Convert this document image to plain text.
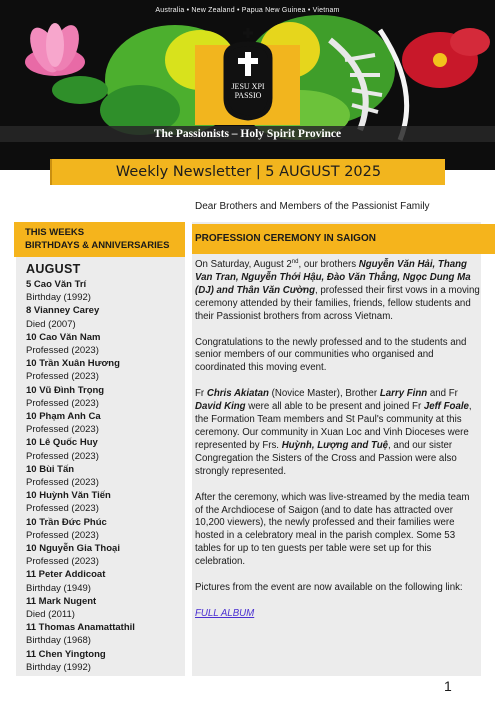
JESU XPI
PASSIO
Australia • New Zealand • Papua New Guinea • Vietnam
The Passionists – Holy Spirit Province
Weekly Newsletter | 5 AUGUST 2025
Dear Brothers and Members of the Passionist Family
THIS WEEKS
BIRTHDAYS & ANNIVERSARIES
AUGUST
5 Cao Văn Trí
Birthday (1992)
8 Vianney Carey
Died (2007)
10 Cao Văn Nam
Professed (2023)
10 Trần Xuân Hương
Professed (2023)
10 Vũ Đình Trọng
Professed (2023)
10 Phạm Anh Ca
Professed (2023)
10 Lê Quốc Huy
Professed (2023)
10 Bùi Tấn
Professed (2023)
10 Huỳnh Văn Tiến
Professed (2023)
10 Trần Đức Phúc
Professed (2023)
10 Nguyễn Gia Thoại
Professed (2023)
11 Peter Addicoat
Birthday (1949)
11 Mark Nugent
Died (2011)
11 Thomas Anamattathil
Birthday (1968)
11 Chen Yingtong
Birthday (1992)
PROFESSION CEREMONY IN SAIGON

On Saturday, August 2nd, our brothers Nguyễn Văn Hải, Thang Van Tran, Nguyễn Thới Hậu, Đào Văn Thắng, Ngọc Dung Ma (DJ) and Thân Văn Cường, professed their first vows in a moving ceremony attended by their families, friends, fellow students and their Passionist brothers from across Vietnam.

Congratulations to the newly professed and to the students and senior members of our communities who organised and coordinated this moving event.

Fr Chris Akiatan (Novice Master), Brother Larry Finn and Fr David King were all able to be present and joined Fr Jeff Foale, the Formation Team members and St Paul's community at this ceremony. Our community in Xuan Loc and Vinh Dioceses were represented by Frs. Huỳnh, Lượng and Tuệ, and our sister Congregation the Sisters of the Cross and Passion were also strongly represented.

After the ceremony, which was live-streamed by the media team of the Archdiocese of Saigon (and to date has attracted over 10,200 viewers), the newly professed and their families were hosted in a celebratory meal in the parish complex. Some 53 tables for up to ten guests per table were set up for this celebration.

Pictures from the event are now available on the following link:

FULL ALBUM

1
